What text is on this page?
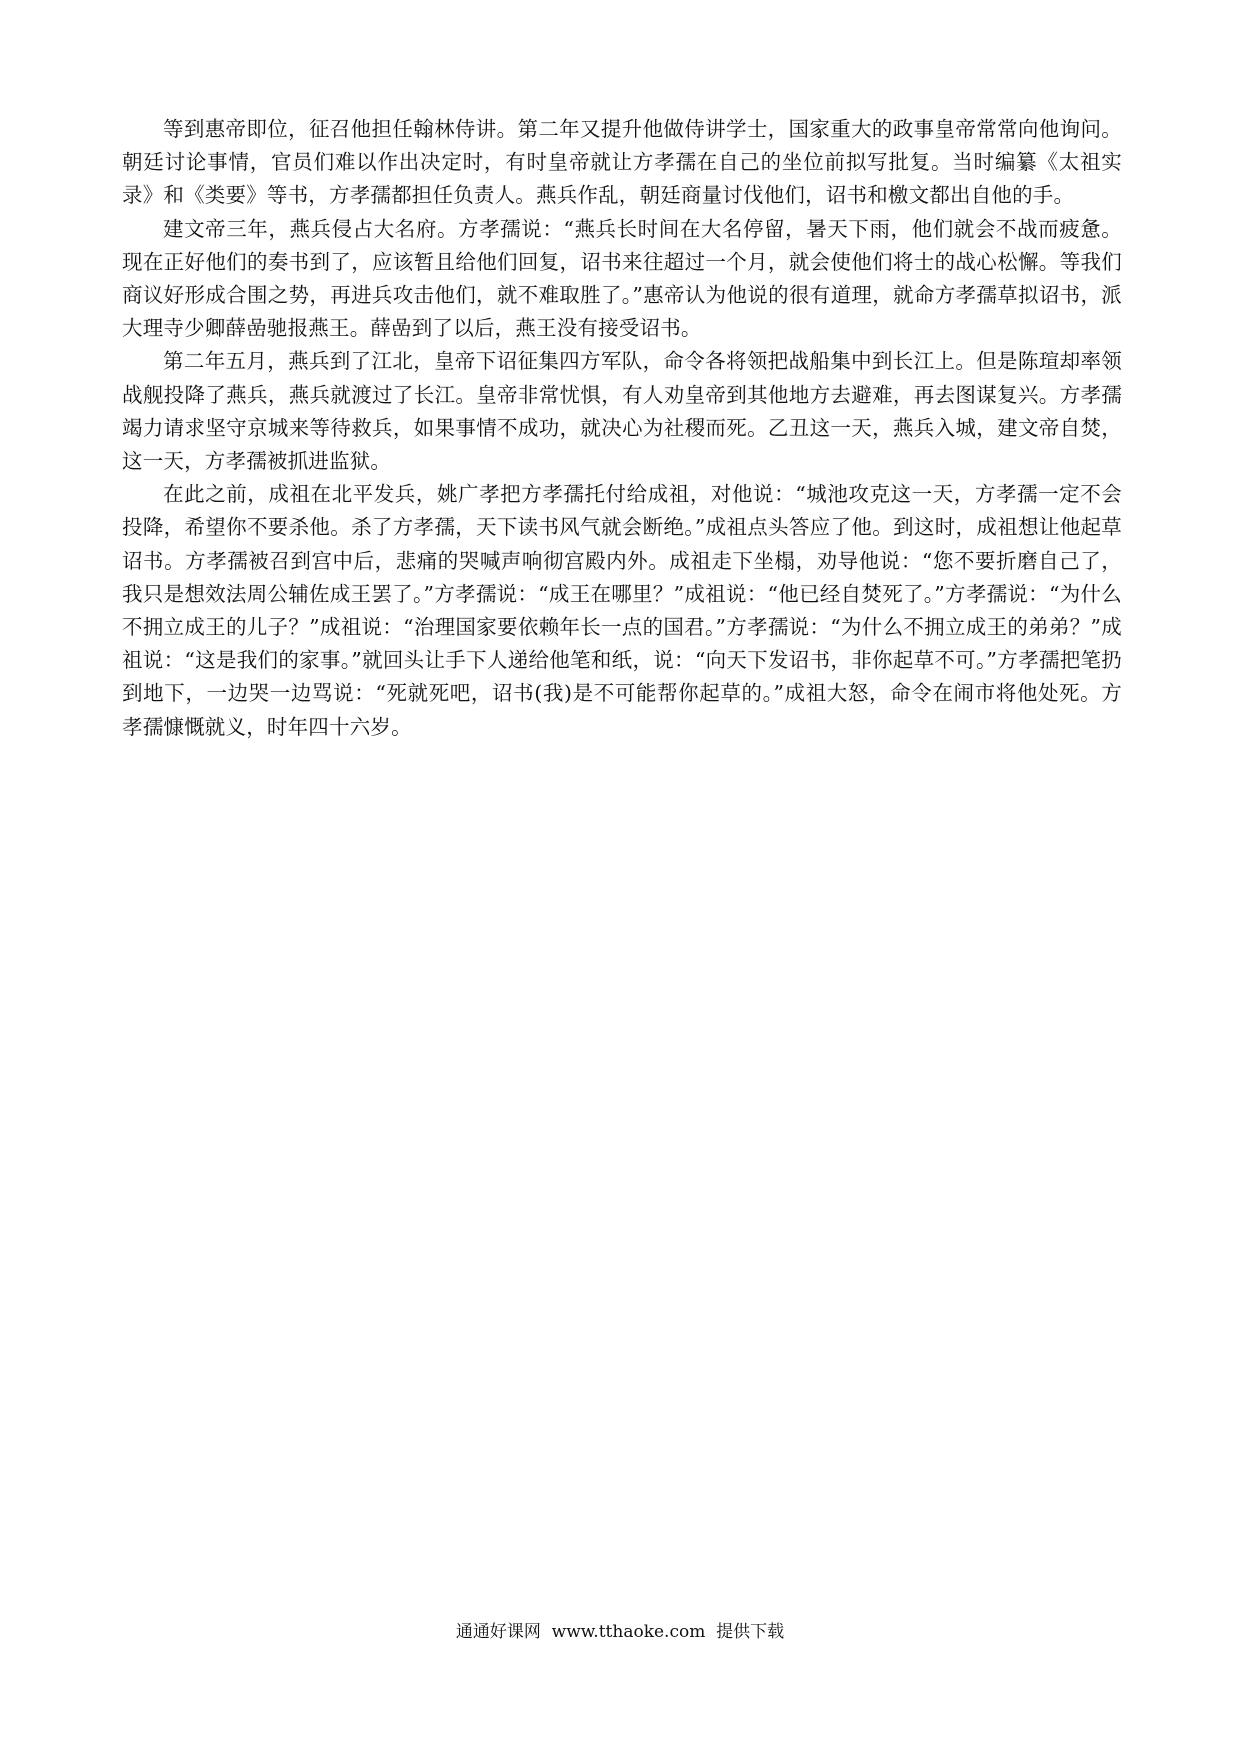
等到惠帝即位，征召他担任翰林侍讲。第二年又提升他做侍讲学士，国家重大的政事皇帝常常向他询问。朝廷讨论事情，官员们难以作出决定时，有时皇帝就让方孝孺在自己的坐位前拟写批复。当时编纂《太祖实录》和《类要》等书，方孝孺都担任负责人。燕兵作乱，朝廷商量讨伐他们，诏书和檄文都出自他的手。

建文帝三年，燕兵侵占大名府。方孝孺说：“燕兵长时间在大名停留，暑天下雨，他们就会不战而疲惫。现在正好他们的奏书到了，应该暂且给他们回复，诏书来往超过一个月，就会使他们将士的战心松懈。等我们商议好形成合围之势，再进兵攻击他们，就不难取胜了。”惠帝认为他说的很有道理，就命方孝孺草拟诏书，派大理寺少卿薛嵒驰报燕王。薛嵒到了以后，燕王没有接受诏书。

第二年五月，燕兵到了江北，皇帝下诏征集四方军队，命令各将领把战船集中到长江上。但是陈瑄却率领战舰投降了燕兵，燕兵就渡过了长江。皇帝非常忧惧，有人劝皇帝到其他地方去避难，再去图谋复兴。方孝孺竭力请求坚守京城来等待救兵，如果事情不成功，就决心为社稷而死。乙丑这一天，燕兵入城，建文帝自焚，这一天，方孝孺被抓进监狱。

在此之前，成祖在北平发兵，姚广孝把方孝孺托付给成祖，对他说：“城池攻克这一天，方孝孺一定不会投降，希望你不要杀他。杀了方孝孺，天下读书风气就会断绝。”成祖点头答应了他。到这时，成祖想让他起草诏书。方孝孺被召到宫中后，悲痛的哭喊声响彻宫殿内外。成祖走下坐榻，劝导他说：“您不要折磨自己了，我只是想效法周公辅佐成王罢了。”方孝孺说：“成王在哪里？”成祖说：“他已经自焚死了。”方孝孺说：“为什么不拥立成王的儿子？”成祖说：“治理国家要依赖年长一点的国君。”方孝孺说：“为什么不拥立成王的弟弟？”成祖说：“这是我们的家事。”就回头让手下人递给他笔和纸，说：“向天下发诏书，非你起草不可。”方孝孺把笔扔到地下，一边哭一边骂说：“死就死吧，诏书(我)是不可能帮你起草的。”成祖大怒，命令在闹市将他处死。方孝孺慷慨就义，时年四十六岁。

通通好课网  www.tthaoke.com  提供下载
